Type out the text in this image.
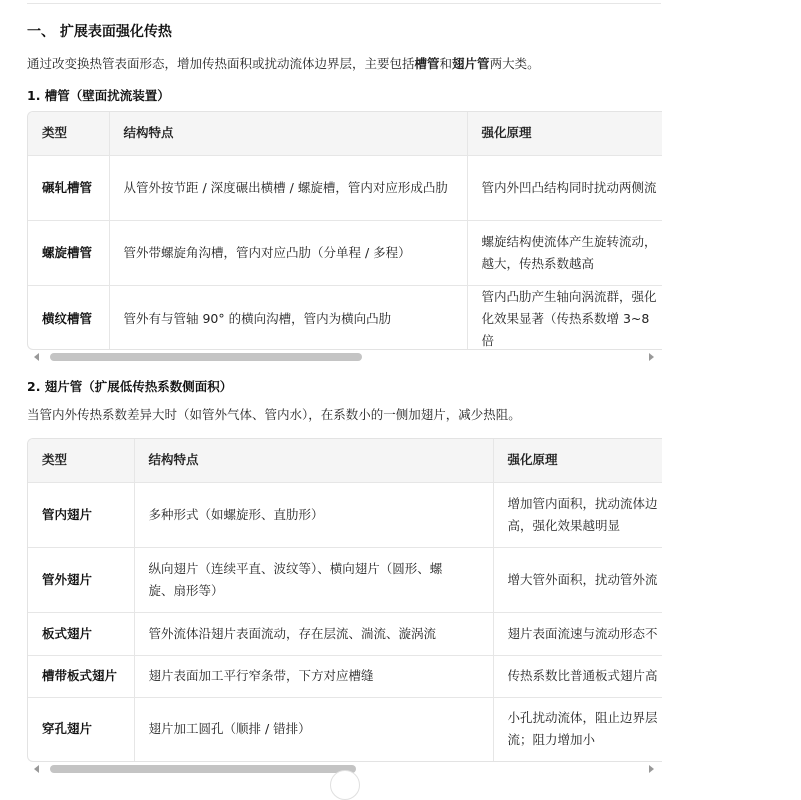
一、 扩展表面强化传热
通过改变换热管表面形态，增加传热面积或扰动流体边界层，主要包括槽管和翅片管两大类。
1. 槽管（壁面扰流装置）
类型	结构特点	强化原理
碾轧槽管	从管外按节距 / 深度碾出横槽 / 螺旋槽，管内对应形成凸肋	管内外凹凸结构同时扰动两侧流

螺旋槽管	管外带螺旋角沟槽，管内对应凸肋（分单程 / 多程）	螺旋结构使流体产生旋转流动，越大，传热系数越高

横纹槽管	管外有与管轴 90° 的横向沟槽，管内为横向凸肋	管内凸肋产生轴向涡流群，强化化效果显著（传热系数增 3~8 倍
2. 翅片管（扩展低传热系数侧面积）
当管内外传热系数差异大时（如管外气体、管内水），在系数小的一侧加翅片，减少热阻。
类型	结构特点	强化原理
管内翅片	多种形式（如螺旋形、直肋形）	增加管内面积，扰动流体边高，强化效果越明显

管外翅片	纵向翅片（连续平直、波纹等）、横向翅片（圆形、螺旋、扇形等）	增大管外面积，扰动管外流

板式翅片	管外流体沿翅片表面流动，存在层流、湍流、漩涡流	翅片表面流速与流动形态不

槽带板式翅片	翅片表面加工平行窄条带，下方对应槽缝	传热系数比普通板式翅片高

穿孔翅片	翅片加工圆孔（顺排 / 错排）	小孔扰动流体，阻止边界层流；阻力增加小
